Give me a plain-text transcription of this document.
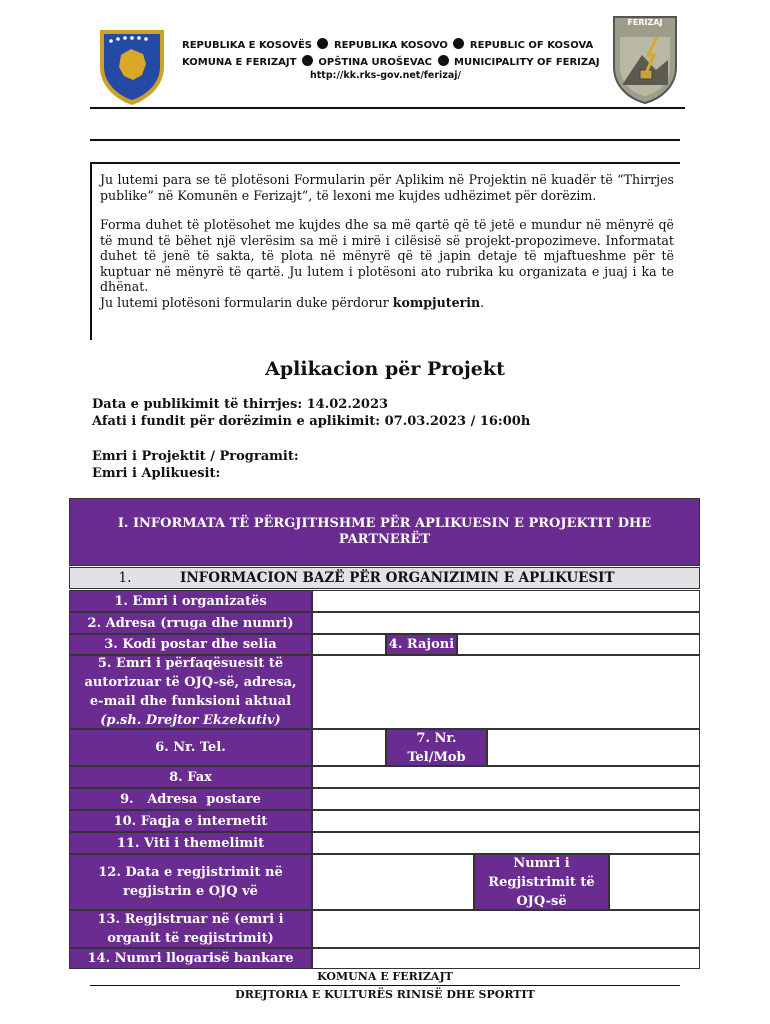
REPUBLIKA E KOSOVËS REPUBLIKA KOSOVO REPUBLIC OF KOSOVA
KOMUNA E FERIZAJT OPŠTINA UROŠEVAC MUNICIPALITY OF FERIZAJ
http://kk.rks-gov.net/ferizaj/
FERIZAJ

Ju lutemi para se të plotësoni Formularin për Aplikim në Projektin në kuadër të “Thirrjes publike” në Komunën e Ferizajt”, të lexoni me kujdes udhëzimet për dorëzim.

Forma duhet të plotësohet me kujdes dhe sa më qartë që të jetë e mundur në mënyrë që të mund të bëhet një vlerësim sa më i mirë i cilësisë së projekt-propozimeve. Informatat duhet të jenë të sakta, të plota në mënyrë që të japin detaje të mjaftueshme për të kuptuar në mënyrë të qartë. Ju lutem i plotësoni ato rubrika ku organizata e juaj i ka te dhënat.

Ju lutemi plotësoni formularin duke përdorur kompjuterin.

Aplikacion për Projekt
Data e publikimit të thirrjes: 14.02.2023
Afati i fundit për dorëzimin e aplikimit: 07.03.2023 / 16:00h
Emri i Projektit / Programit:
Emri i Aplikuesit:
I. INFORMATA TË PËRGJITHSHME PËR APLIKUESIN E PROJEKTIT DHE PARTNERËT
1.	INFORMACION BAZË PËR ORGANIZIMIN E APLIKUESIT
1. Emri i organizatës
2. Adresa (rruga dhe numri)
3. Kodi postar dhe selia	4. Rajoni
5. Emri i përfaqësuesit të autorizuar të OJQ-së, adresa, e-mail dhe funksioni aktual
(p.sh. Drejtor Ekzekutiv)
6. Nr. Tel.
7. Nr. Tel/Mob
8. Fax
9.   Adresa  postare
10. Faqja e internetit
11. Viti i themelimit
12. Data e regjistrimit në regjistrin e OJQ vë
Numri i Regjistrimit të OJQ-së
13. Regjistruar në (emri i organit të regjistrimit)
14. Numri llogarisë bankare
KOMUNA E FERIZAJT
DREJTORIA E KULTURËS RINISË DHE SPORTIT
